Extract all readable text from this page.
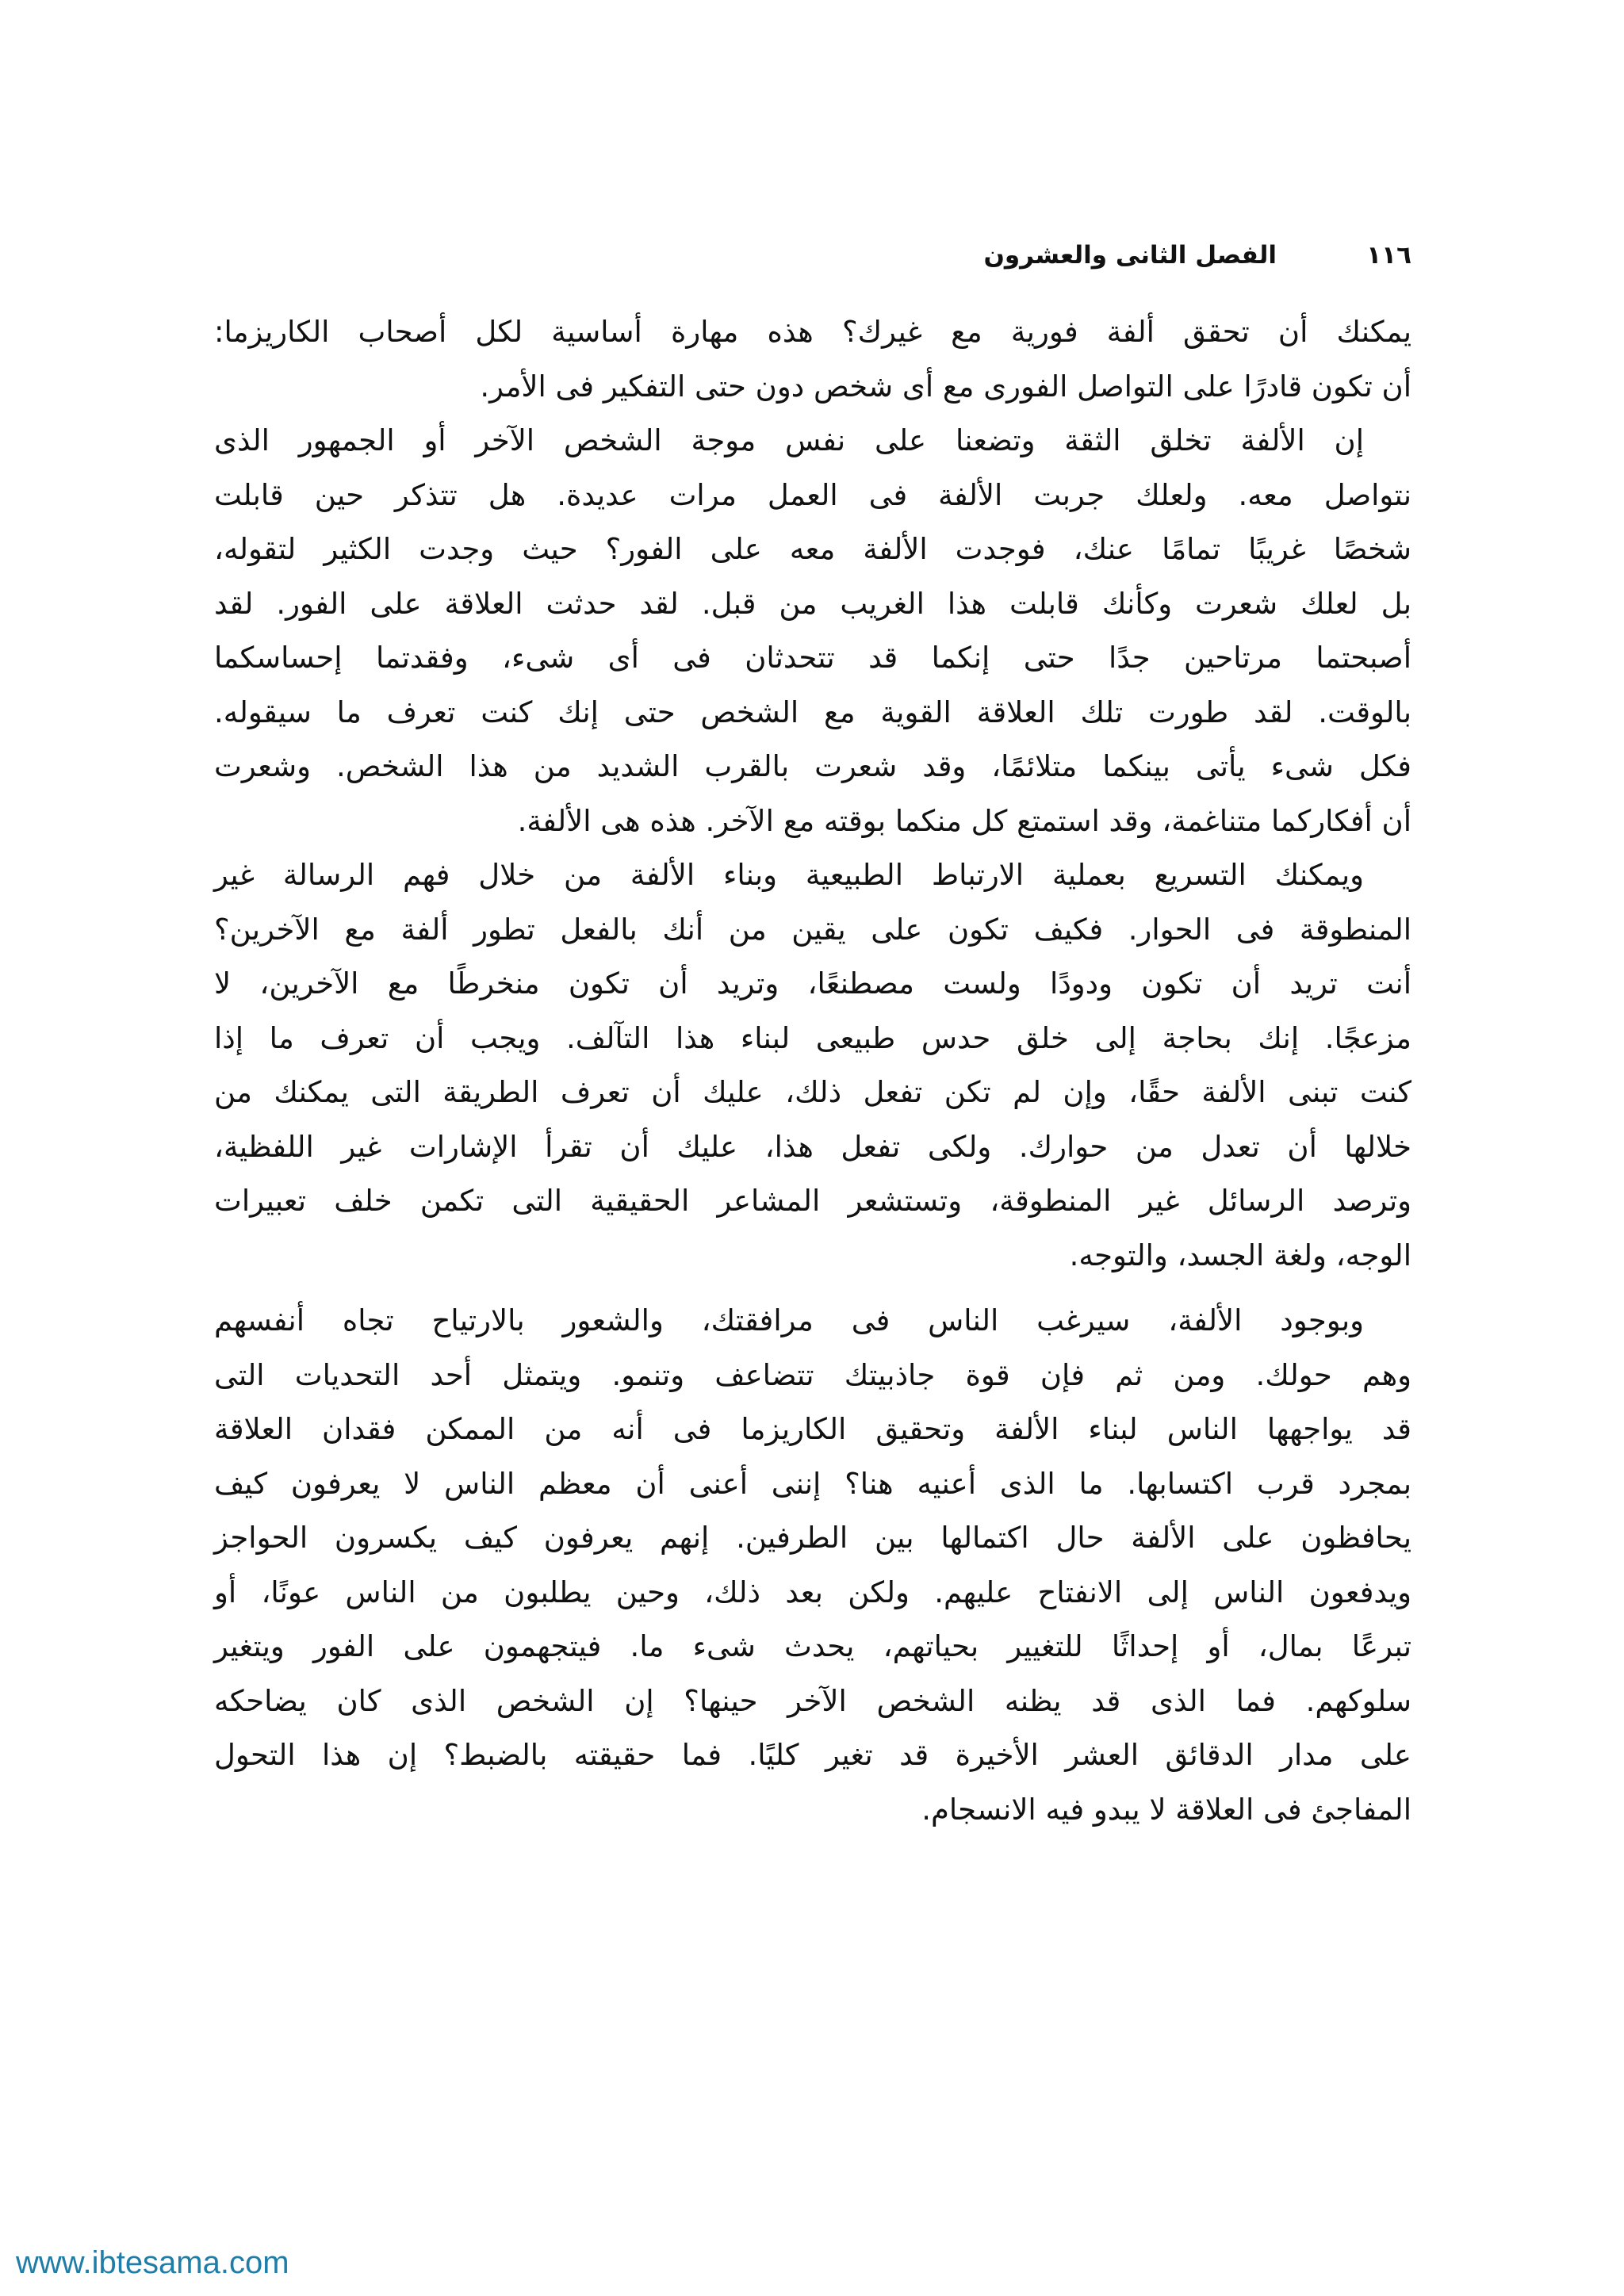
١١٦
الفصل الثانى والعشرون
يمكنك أن تحقق ألفة فورية مع غيرك؟ هذه مهارة أساسية لكل أصحاب الكاريزما:
أن تكون قادرًا على التواصل الفورى مع أى شخص دون حتى التفكير فى الأمر.
إن الألفة تخلق الثقة وتضعنا على نفس موجة الشخص الآخر أو الجمهور الذى
نتواصل معه. ولعلك جربت الألفة فى العمل مرات عديدة. هل تتذكر حين قابلت
شخصًا غريبًا تمامًا عنك، فوجدت الألفة معه على الفور؟ حيث وجدت الكثير لتقوله،
بل لعلك شعرت وكأنك قابلت هذا الغريب من قبل. لقد حدثت العلاقة على الفور. لقد
أصبحتما مرتاحين جدًا حتى إنكما قد تتحدثان فى أى شىء، وفقدتما إحساسكما
بالوقت. لقد طورت تلك العلاقة القوية مع الشخص حتى إنك كنت تعرف ما سيقوله.
فكل شىء يأتى بينكما متلائمًا، وقد شعرت بالقرب الشديد من هذا الشخص. وشعرت
أن أفكاركما متناغمة، وقد استمتع كل منكما بوقته مع الآخر. هذه هى الألفة.
ويمكنك التسريع بعملية الارتباط الطبيعية وبناء الألفة من خلال فهم الرسالة غير
المنطوقة فى الحوار. فكيف تكون على يقين من أنك بالفعل تطور ألفة مع الآخرين؟
أنت تريد أن تكون ودودًا ولست مصطنعًا، وتريد أن تكون منخرطًا مع الآخرين، لا
مزعجًا. إنك بحاجة إلى خلق حدس طبيعى لبناء هذا التآلف. ويجب أن تعرف ما إذا
كنت تبنى الألفة حقًا، وإن لم تكن تفعل ذلك، عليك أن تعرف الطريقة التى يمكنك من
خلالها أن تعدل من حوارك. ولكى تفعل هذا، عليك أن تقرأ الإشارات غير اللفظية،
وترصد الرسائل غير المنطوقة، وتستشعر المشاعر الحقيقية التى تكمن خلف تعبيرات
الوجه، ولغة الجسد، والتوجه.
وبوجود الألفة، سيرغب الناس فى مرافقتك، والشعور بالارتياح تجاه أنفسهم
وهم حولك. ومن ثم فإن قوة جاذبيتك تتضاعف وتنمو. ويتمثل أحد التحديات التى
قد يواجهها الناس لبناء الألفة وتحقيق الكاريزما فى أنه من الممكن فقدان العلاقة
بمجرد قرب اكتسابها. ما الذى أعنيه هنا؟ إننى أعنى أن معظم الناس لا يعرفون كيف
يحافظون على الألفة حال اكتمالها بين الطرفين. إنهم يعرفون كيف يكسرون الحواجز
ويدفعون الناس إلى الانفتاح عليهم. ولكن بعد ذلك، وحين يطلبون من الناس عونًا، أو
تبرعًا بمال، أو إحداثًا للتغيير بحياتهم، يحدث شىء ما. فيتجهمون على الفور ويتغير
سلوكهم. فما الذى قد يظنه الشخص الآخر حينها؟ إن الشخص الذى كان يضاحكه
على مدار الدقائق العشر الأخيرة قد تغير كليًا. فما حقيقته بالضبط؟ إن هذا التحول
المفاجئ فى العلاقة لا يبدو فيه الانسجام.
www.ibtesama.com
